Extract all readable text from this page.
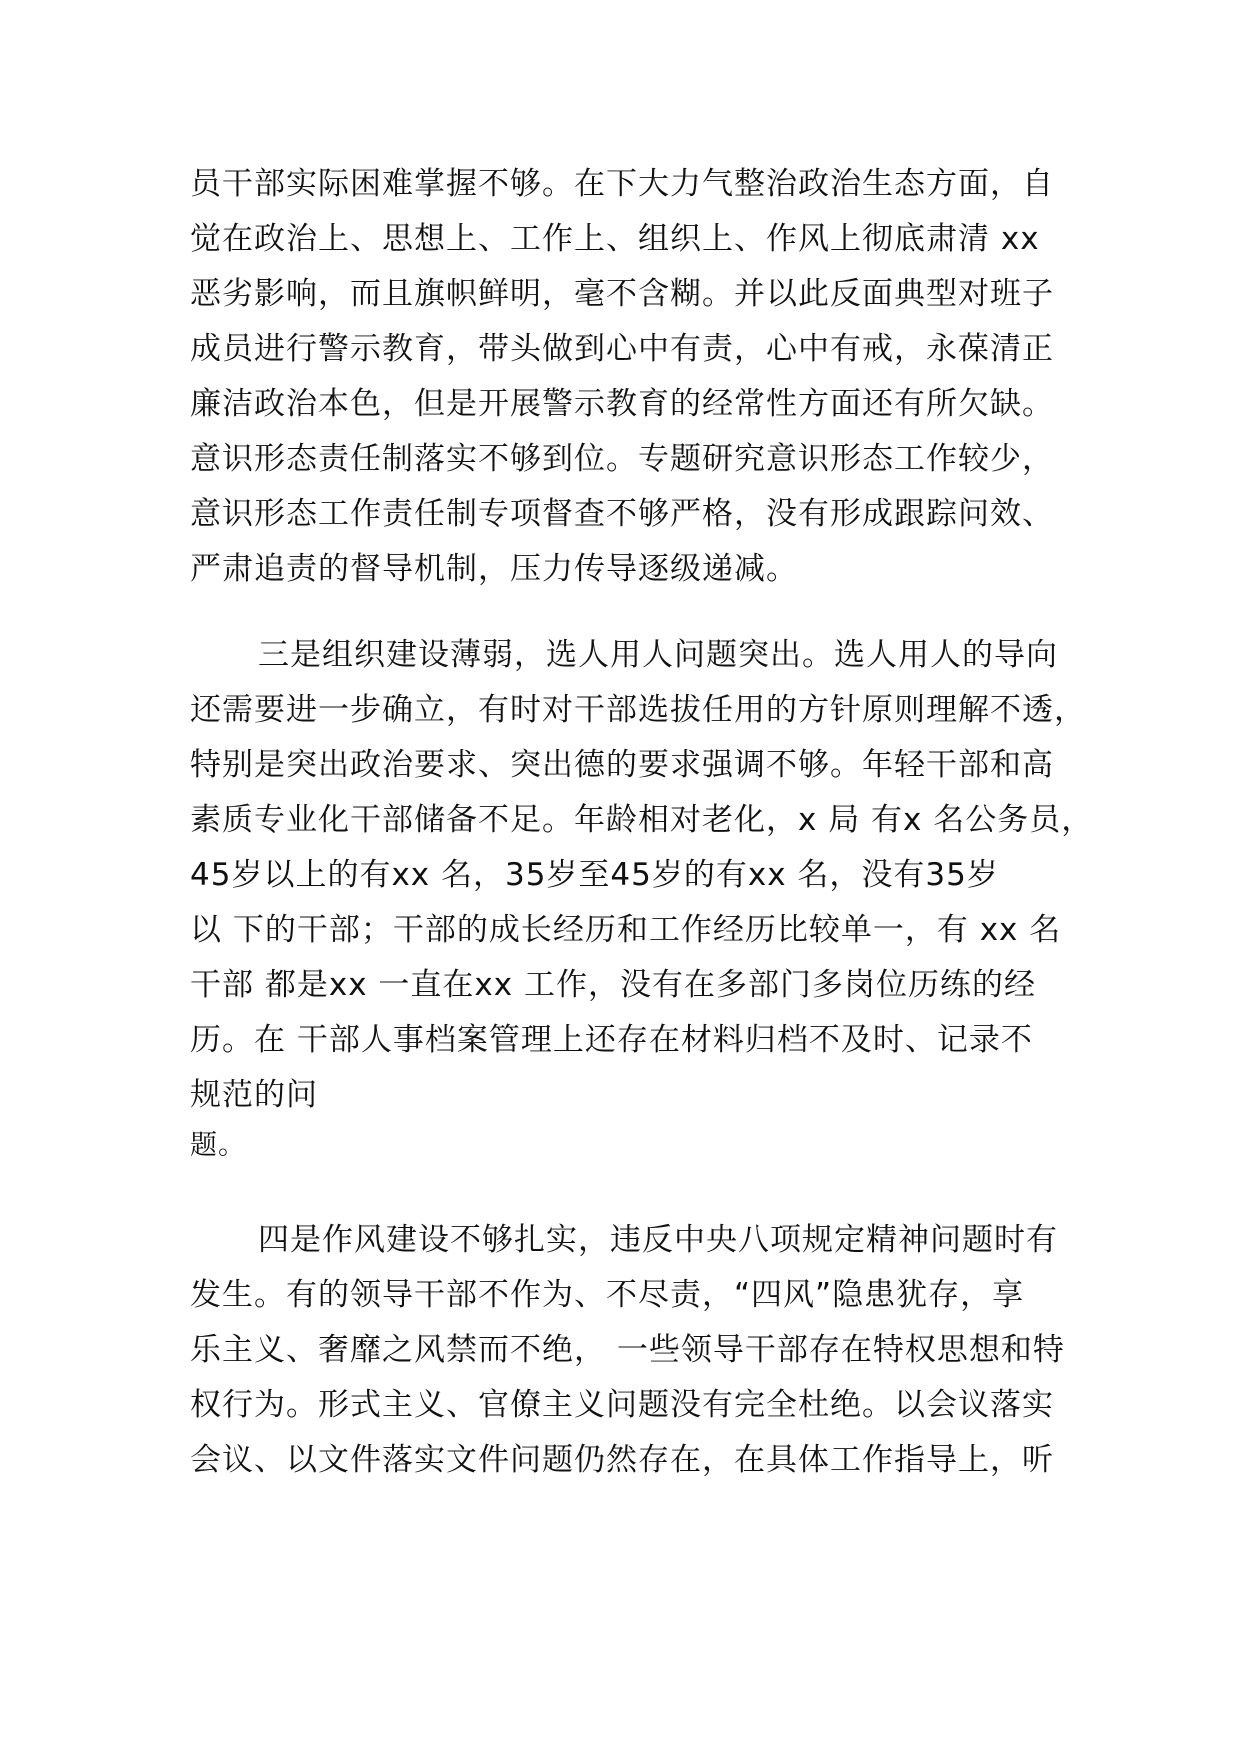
员干部实际困难掌握不够。在下大力气整治政治生态方面，自
觉在政治上、思想上、工作上、组织上、作风上彻底肃清 xx
恶劣影响，而且旗帜鲜明，毫不含糊。并以此反面典型对班子
成员进行警示教育，带头做到心中有责，心中有戒，永葆清正
廉洁政治本色，但是开展警示教育的经常性方面还有所欠缺。
意识形态责任制落实不够到位。专题研究意识形态工作较少，
意识形态工作责任制专项督查不够严格，没有形成跟踪问效、
严肃追责的督导机制，压力传导逐级递减。
三是组织建设薄弱，选人用人问题突出。选人用人的导向
还需要进一步确立，有时对干部选拔任用的方针原则理解不透，
特别是突出政治要求、突出德的要求强调不够。年轻干部和高
素质专业化干部储备不足。年龄相对老化，x 局 有x 名公务员，
45岁以上的有xx 名，35岁至45岁的有xx 名，没有35岁
以 下的干部；干部的成长经历和工作经历比较单一，有 xx 名
干部 都是xx 一直在xx 工作，没有在多部门多岗位历练的经
历。在 干部人事档案管理上还存在材料归档不及时、记录不
规范的问
题。
四是作风建设不够扎实，违反中央八项规定精神问题时有
发生。有的领导干部不作为、不尽责，“四风”隐患犹存，享
乐主义、奢靡之风禁而不绝， 一些领导干部存在特权思想和特
权行为。形式主义、官僚主义问题没有完全杜绝。以会议落实
会议、以文件落实文件问题仍然存在，在具体工作指导上，听
